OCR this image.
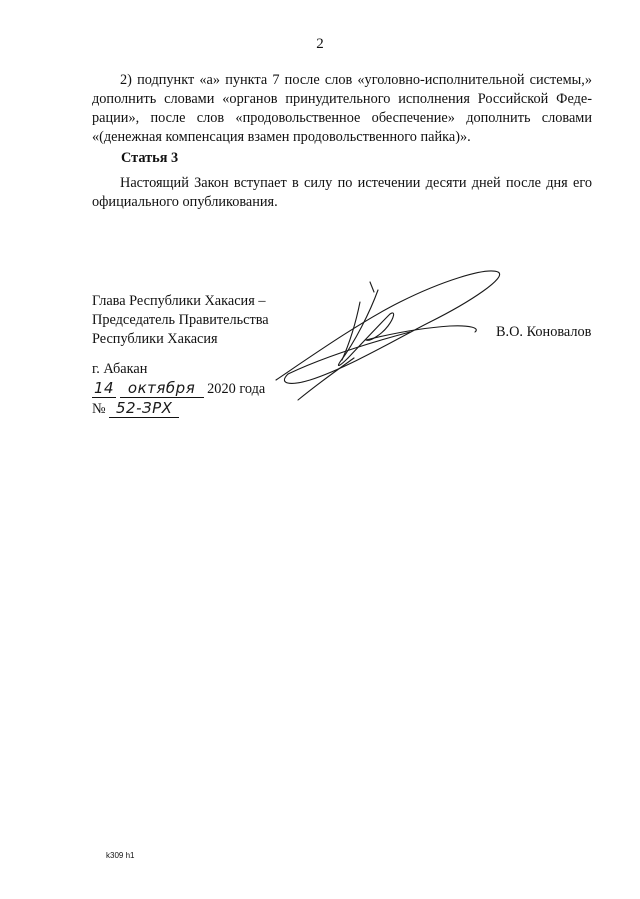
2
2) подпункт «а» пункта 7 после слов «уголовно-исполнительной системы,»
дополнить словами «органов принудительного исполнения Российской Феде-
рации», после слов «продовольственное обеспечение» дополнить словами
«(денежная компенсация взамен продовольственного пайка)».
Статья 3
Настоящий Закон вступает в силу по истечении десяти дней после дня его
официального опубликования.
Глава Республики Хакасия –
Председатель Правительства
Республики Хакасия	В.О. Коновалов
г. Абакан
14 октября 2020 года
№ 52-ЗРХ
k309 h1
